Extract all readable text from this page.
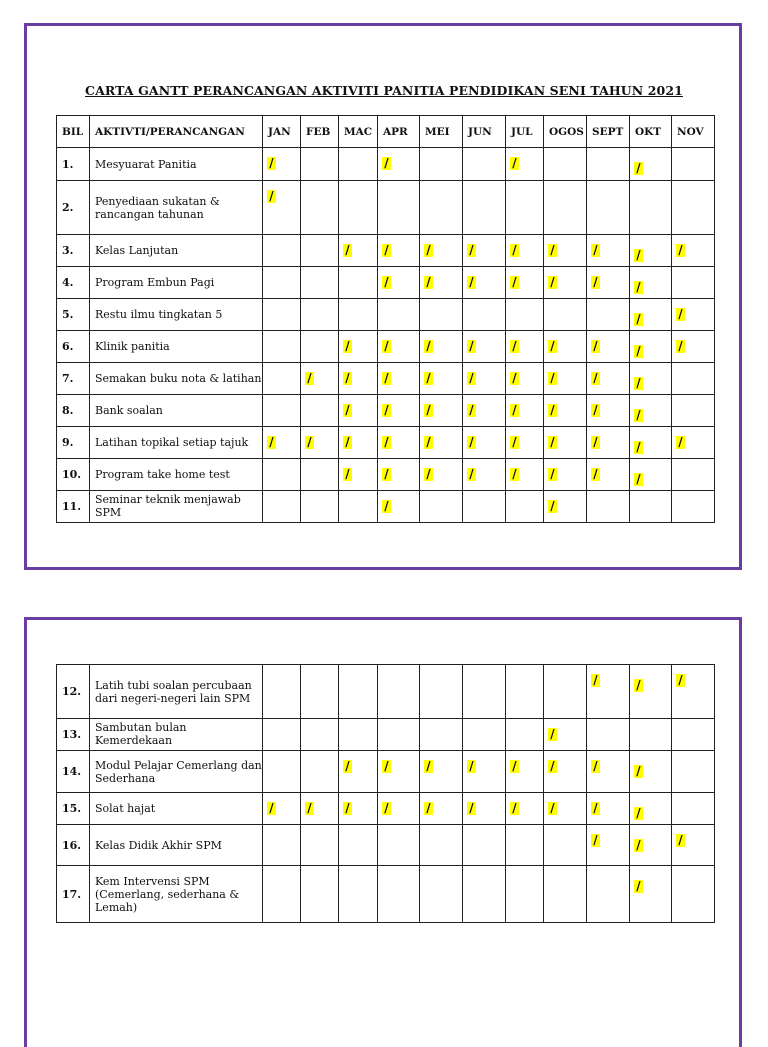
CARTA GANTT PERANCANGAN AKTIVITI PANITIA PENDIDIKAN SENI TAHUN 2021
BIL	AKTIVTI/PERANCANGAN	JAN	FEB	MAC	APR	MEI	JUN	JUL	OGOS	SEPT	OKT	NOV
1.	Mesyuarat Panitia	/			/			/			/	

2.	Penyediaan sukatan & rancangan tahunan	/										

3.	Kelas Lanjutan			/	/	/	/	/	/	/	/	/

4.	Program Embun Pagi				/	/	/	/	/	/	/	

5.	Restu ilmu tingkatan 5										/	/

6.	Klinik panitia			/	/	/	/	/	/	/	/	/

7.	Semakan buku nota & latihan		/	/	/	/	/	/	/	/	/	

8.	Bank soalan			/	/	/	/	/	/	/	/	

9.	Latihan topikal setiap tajuk	/	/	/	/	/	/	/	/	/	/	/

10.	Program take home test			/	/	/	/	/	/	/	/	

11.	Seminar teknik menjawab SPM				/				/			

12.	Latih tubi soalan percubaan dari negeri-negeri lain SPM									/	/	/

13.	Sambutan bulan Kemerdekaan								/			

14.	Modul Pelajar Cemerlang dan Sederhana			/	/	/	/	/	/	/	/	

15.	Solat hajat	/	/	/	/	/	/	/	/	/	/	

16.	Kelas Didik Akhir SPM									/	/	/

17.	Kem Intervensi SPM (Cemerlang, sederhana & Lemah)										/	
